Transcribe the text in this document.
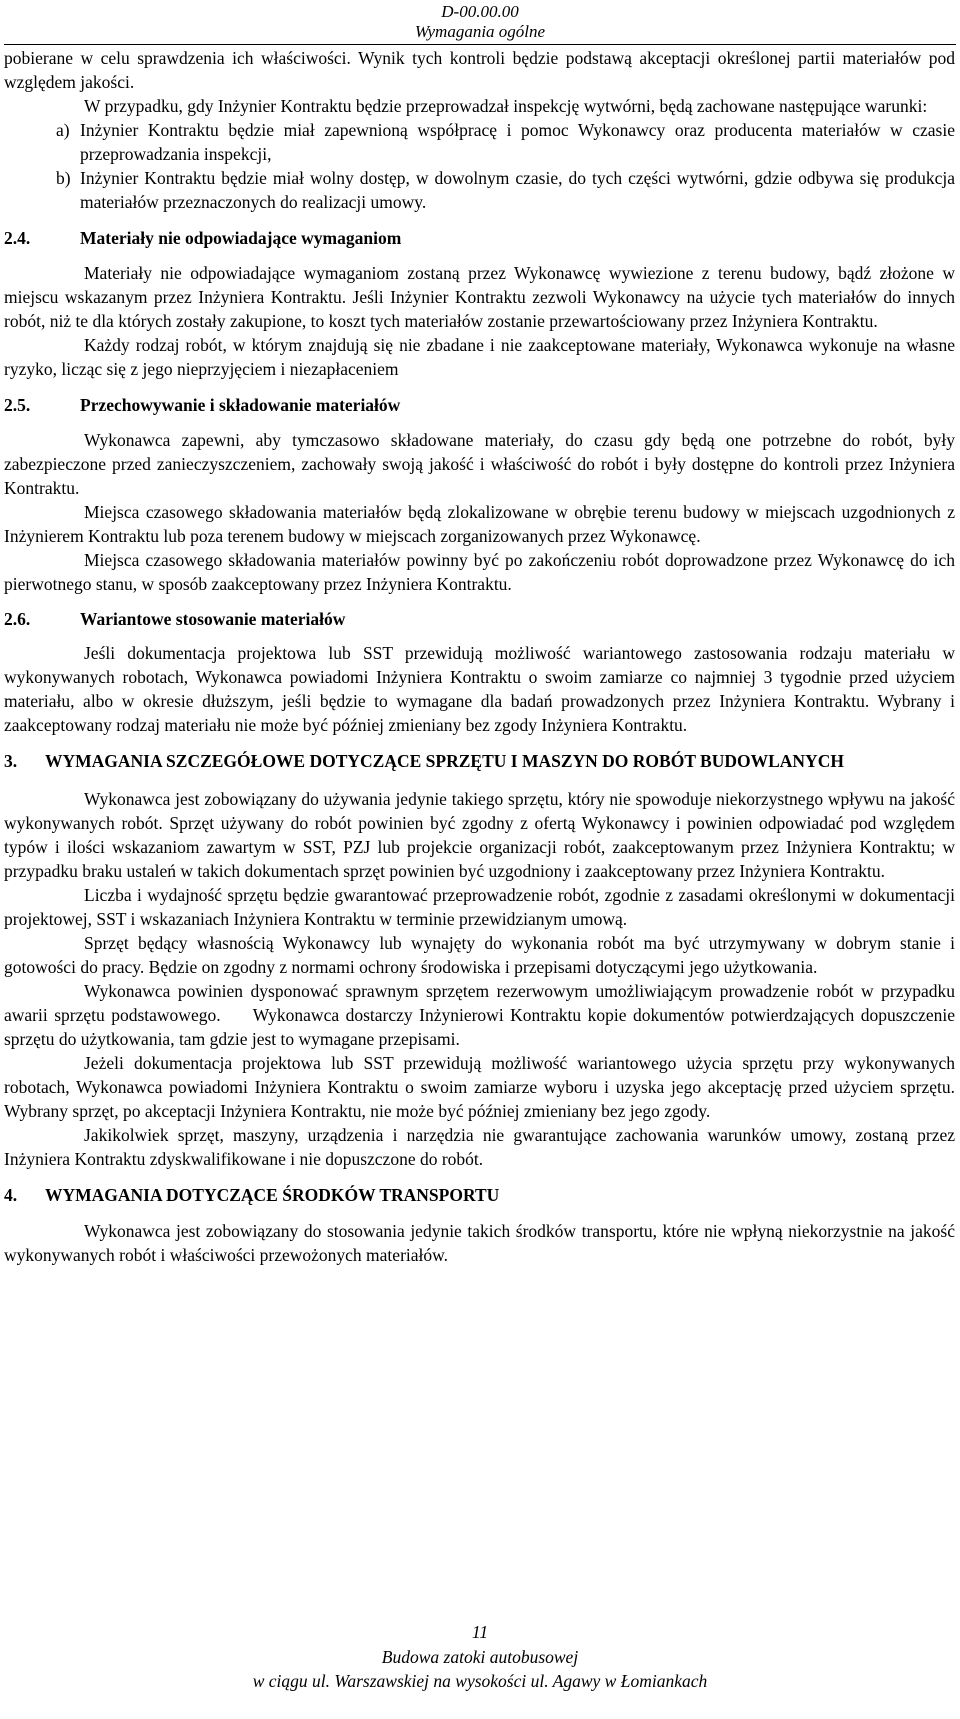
D-00.00.00
Wymagania ogólne

pobierane w celu sprawdzenia ich właściwości. Wynik tych kontroli będzie podstawą akceptacji określonej partii materiałów pod względem jakości.

W przypadku, gdy Inżynier Kontraktu będzie przeprowadzał inspekcję wytwórni, będą zachowane następujące warunki:

a) Inżynier Kontraktu będzie miał zapewnioną współpracę i pomoc Wykonawcy oraz producenta materiałów w czasie przeprowadzania inspekcji,
b) Inżynier Kontraktu będzie miał wolny dostęp, w dowolnym czasie, do tych części wytwórni, gdzie odbywa się produkcja materiałów przeznaczonych do realizacji umowy.
2.4.	Materiały nie odpowiadające wymaganiom

Materiały nie odpowiadające wymaganiom zostaną przez Wykonawcę wywiezione z terenu budowy, bądź złożone w miejscu wskazanym przez Inżyniera Kontraktu. Jeśli Inżynier Kontraktu zezwoli Wykonawcy na użycie tych materiałów do innych robót, niż te dla których zostały zakupione, to koszt tych materiałów zostanie przewartościowany przez Inżyniera Kontraktu.

Każdy rodzaj robót, w którym znajdują się nie zbadane i nie zaakceptowane materiały, Wykonawca wykonuje na własne ryzyko, licząc się z jego nieprzyjęciem i niezapłaceniem

2.5.	Przechowywanie i składowanie materiałów

Wykonawca zapewni, aby tymczasowo składowane materiały, do czasu gdy będą one potrzebne do robót, były zabezpieczone przed zanieczyszczeniem, zachowały swoją jakość i właściwość do robót i były dostępne do kontroli przez Inżyniera Kontraktu.

Miejsca czasowego składowania materiałów będą zlokalizowane w obrębie terenu budowy w miejscach uzgodnionych z Inżynierem Kontraktu lub poza terenem budowy w miejscach zorganizowanych przez Wykonawcę.

Miejsca czasowego składowania materiałów powinny być po zakończeniu robót doprowadzone przez Wykonawcę do ich pierwotnego stanu, w sposób zaakceptowany przez Inżyniera Kontraktu.

2.6.	Wariantowe stosowanie materiałów

Jeśli dokumentacja projektowa lub SST przewidują możliwość wariantowego zastosowania rodzaju materiału w wykonywanych robotach, Wykonawca powiadomi Inżyniera Kontraktu o swoim zamiarze co najmniej 3 tygodnie przed użyciem materiału, albo w okresie dłuższym, jeśli będzie to wymagane dla badań prowadzonych przez Inżyniera Kontraktu. Wybrany i zaakceptowany rodzaj materiału nie może być później zmieniany bez zgody Inżyniera Kontraktu.

3. WYMAGANIA SZCZEGÓŁOWE DOTYCZĄCE SPRZĘTU I MASZYN DO ROBÓT BUDOWLANYCH

Wykonawca jest zobowiązany do używania jedynie takiego sprzętu, który nie spowoduje niekorzystnego wpływu na jakość wykonywanych robót. Sprzęt używany do robót powinien być zgodny z ofertą Wykonawcy i powinien odpowiadać pod względem typów i ilości wskazaniom zawartym w SST, PZJ lub projekcie organizacji robót, zaakceptowanym przez Inżyniera Kontraktu; w przypadku braku ustaleń w takich dokumentach sprzęt powinien być uzgodniony i zaakceptowany przez Inżyniera Kontraktu.

Liczba i wydajność sprzętu będzie gwarantować przeprowadzenie robót, zgodnie z zasadami określonymi w dokumentacji projektowej, SST i wskazaniach Inżyniera Kontraktu w terminie przewidzianym umową.

Sprzęt będący własnością Wykonawcy lub wynajęty do wykonania robót ma być utrzymywany w dobrym stanie i gotowości do pracy. Będzie on zgodny z normami ochrony środowiska i przepisami dotyczącymi jego użytkowania.

Wykonawca powinien dysponować sprawnym sprzętem rezerwowym umożliwiającym prowadzenie robót w przypadku awarii sprzętu podstawowego.     Wykonawca dostarczy Inżynierowi Kontraktu kopie dokumentów potwierdzających dopuszczenie sprzętu do użytkowania, tam gdzie jest to wymagane przepisami.

Jeżeli dokumentacja projektowa lub SST przewidują możliwość wariantowego użycia sprzętu przy wykonywanych robotach, Wykonawca powiadomi Inżyniera Kontraktu o swoim zamiarze wyboru i uzyska jego akceptację przed użyciem sprzętu. Wybrany sprzęt, po akceptacji Inżyniera Kontraktu, nie może być później zmieniany bez jego zgody.

Jakikolwiek sprzęt, maszyny, urządzenia i narzędzia nie gwarantujące zachowania warunków umowy, zostaną przez Inżyniera Kontraktu zdyskwalifikowane i nie dopuszczone do robót.

4. WYMAGANIA DOTYCZĄCE ŚRODKÓW TRANSPORTU

Wykonawca jest zobowiązany do stosowania jedynie takich środków transportu, które nie wpłyną niekorzystnie na jakość wykonywanych robót i właściwości przewożonych materiałów.

11
Budowa zatoki autobusowej
w ciągu ul. Warszawskiej na wysokości ul. Agawy w Łomiankach
